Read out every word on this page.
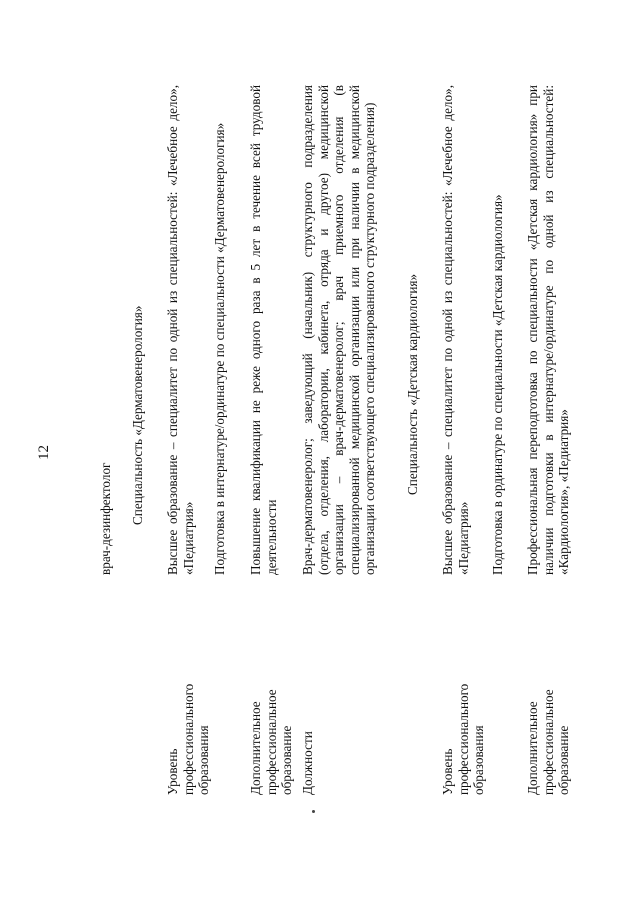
12
врач-дезинфектолог Специальность «Дерматовенерология»
Уровень профессионального образования
Высшее образование – специалитет по одной из специальностей: «Лечебное дело», «Педиатрия»
Дополнительное профессиональное образование
Подготовка в интернатуре/ординатуре по специальности «Дерматовенерология» Повышение квалификации не реже одного раза в 5 лет в течение всей трудовой деятельности
Должности
Врач-дерматовенеролог; заведующий (начальник) структурного подразделения (отдела, отделения, лаборатории, кабинета, отряда и другое) медицинской организации – врач-дерматовенеролог; врач приемного отделения (в специализированной медицинской организации или при наличии в медицинской организации соответствующего специализированного структурного подразделения) Специальность «Детская кардиология»
Уровень профессионального образования
Высшее образование – специалитет по одной из специальностей: «Лечебное дело», «Педиатрия»
Дополнительное профессиональное образование
Подготовка в ординатуре по специальности «Детская кардиология» Профессиональная переподготовка по специальности «Детская кардиология» при наличии подготовки в интернатуре/ординатуре по одной из специальностей: «Кардиология», «Педиатрия»
